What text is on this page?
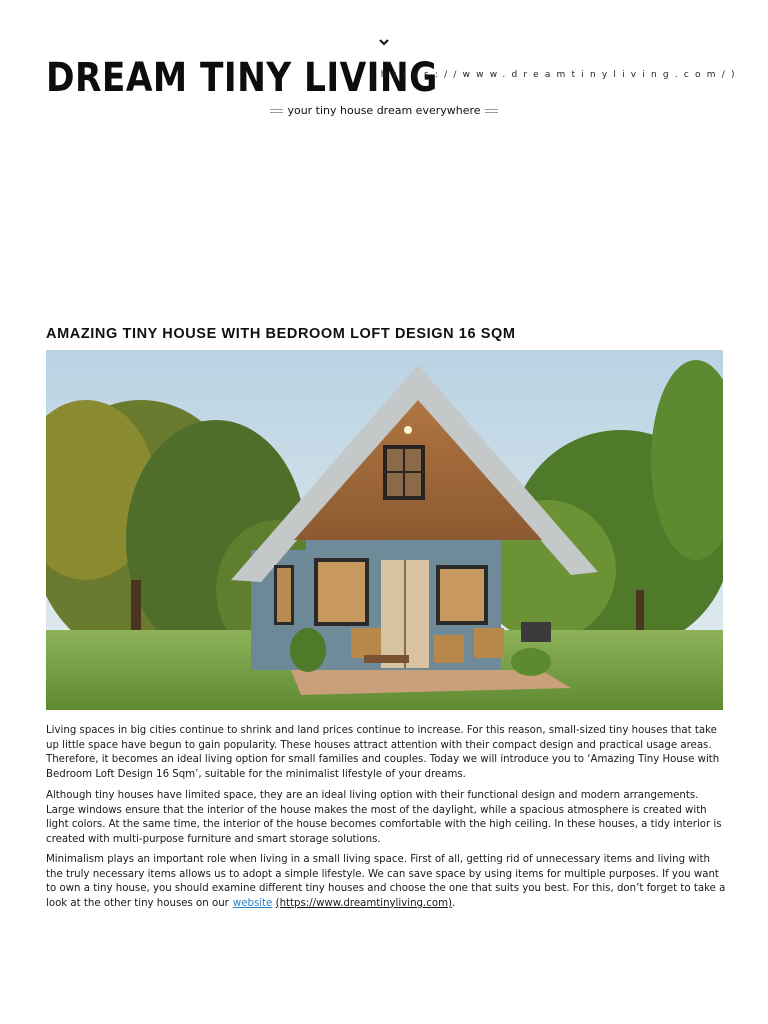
DREAM TINY LIVING
(https://www.dreamtinyliving.com/)
your tiny house dream everywhere
AMAZING TINY HOUSE WITH BEDROOM LOFT DESIGN 16 SQM

Living spaces in big cities continue to shrink and land prices continue to increase. For this reason, small-sized tiny houses that take up little space have begun to gain popularity. These houses attract attention with their compact design and practical usage areas. Therefore, it becomes an ideal living option for small families and couples. Today we will introduce you to ‘Amazing Tiny House with Bedroom Loft Design 16 Sqm’, suitable for the minimalist lifestyle of your dreams.

Although tiny houses have limited space, they are an ideal living option with their functional design and modern arrangements. Large windows ensure that the interior of the house makes the most of the daylight, while a spacious atmosphere is created with light colors. At the same time, the interior of the house becomes comfortable with the high ceiling. In these houses, a tidy interior is created with multi-purpose furniture and smart storage solutions.

Minimalism plays an important role when living in a small living space. First of all, getting rid of unnecessary items and living with the truly necessary items allows us to adopt a simple lifestyle. We can save space by using items for multiple purposes. If you want to own a tiny house, you should examine different tiny houses and choose the one that suits you best. For this, don’t forget to take a look at the other tiny houses on our website (https://www.dreamtinyliving.com).
